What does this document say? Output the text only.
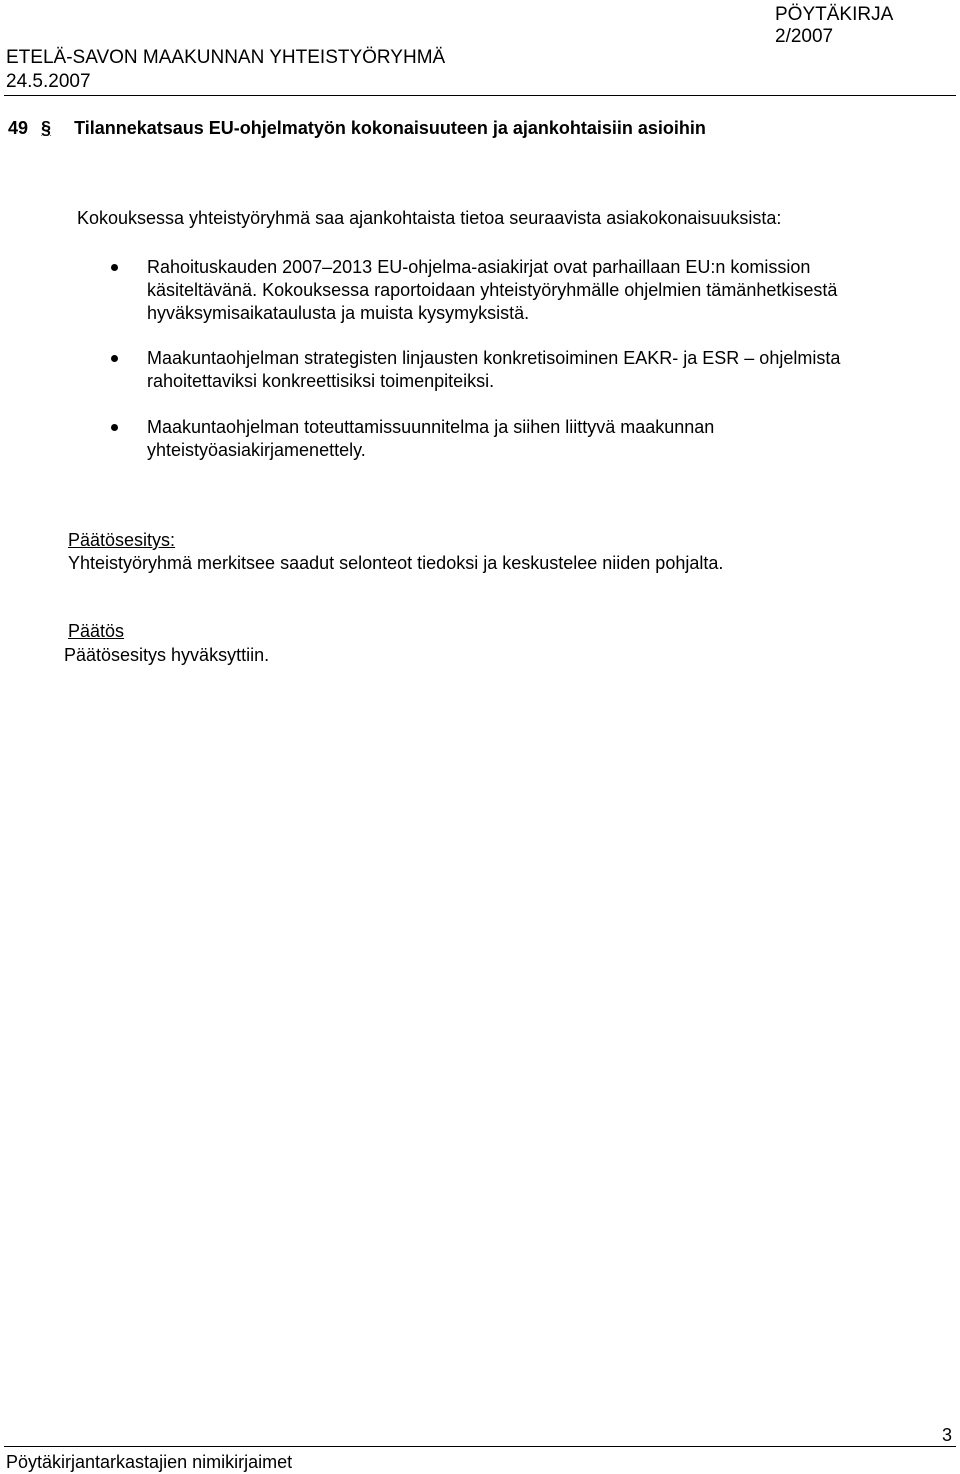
PÖYTÄKIRJA
2/2007
ETELÄ-SAVON MAAKUNNAN YHTEISTYÖRYHMÄ
24.5.2007
49 § Tilannekatsaus EU-ohjelmatyön kokonaisuuteen ja ajankohtaisiin asioihin
Kokouksessa yhteistyöryhmä saa ajankohtaista tietoa seuraavista asiakokonaisuuksista:
Rahoituskauden 2007–2013 EU-ohjelma-asiakirjat ovat parhaillaan EU:n komission
käsiteltävänä. Kokouksessa raportoidaan yhteistyöryhmälle ohjelmien tämänhetkisestä
hyväksymisaikataulusta ja muista kysymyksistä.
Maakuntaohjelman strategisten linjausten konkretisoiminen EAKR- ja ESR – ohjelmista
rahoitettaviksi konkreettisiksi toimenpiteiksi.
Maakuntaohjelman toteuttamissuunnitelma ja siihen liittyvä maakunnan
yhteistyöasiakirjamenettely.
Päätösesitys:
Yhteistyöryhmä merkitsee saadut selonteot tiedoksi ja keskustelee niiden pohjalta.
Päätös
Päätösesitys hyväksyttiin.
3
Pöytäkirjantarkastajien nimikirjaimet
